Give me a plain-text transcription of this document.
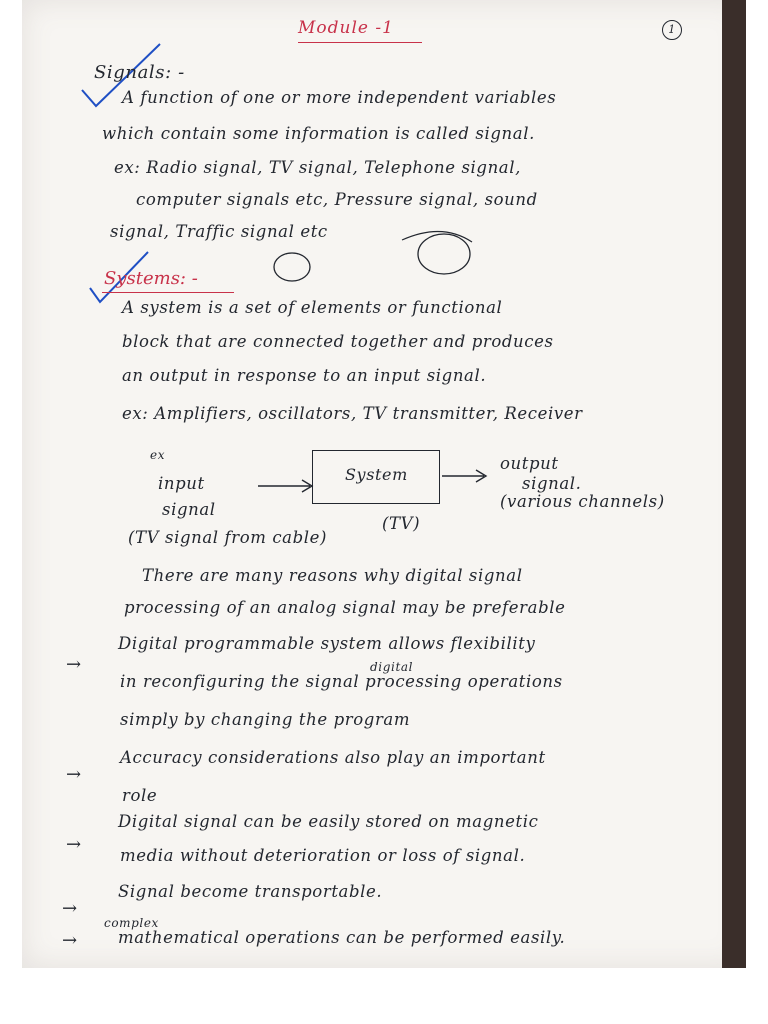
Module -1	1
Signals: -
A function of one or more independent variables
which contain some information is called signal.
ex: Radio signal, TV signal, Telephone signal,
computer signals etc, Pressure signal, sound
signal, Traffic signal etc
Systems: -
A system is a set of elements or functional
block that are connected together and produces
an output in response to an input signal.
ex: Amplifiers, oscillators, TV transmitter, Receiver
ex
input
signal
System
(TV)
output
signal.
(various channels)
(TV signal from cable)
There are many reasons why digital signal
processing of an analog signal may be preferable
→
Digital programmable system allows flexibility
digital
in reconfiguring the signal processing operations
simply by changing the program
→
Accuracy considerations also play an important
role
→
Digital signal can be easily stored on magnetic
media without deterioration or loss of signal.
→
Signal become transportable.
→
complex
mathematical operations can be performed easily.
